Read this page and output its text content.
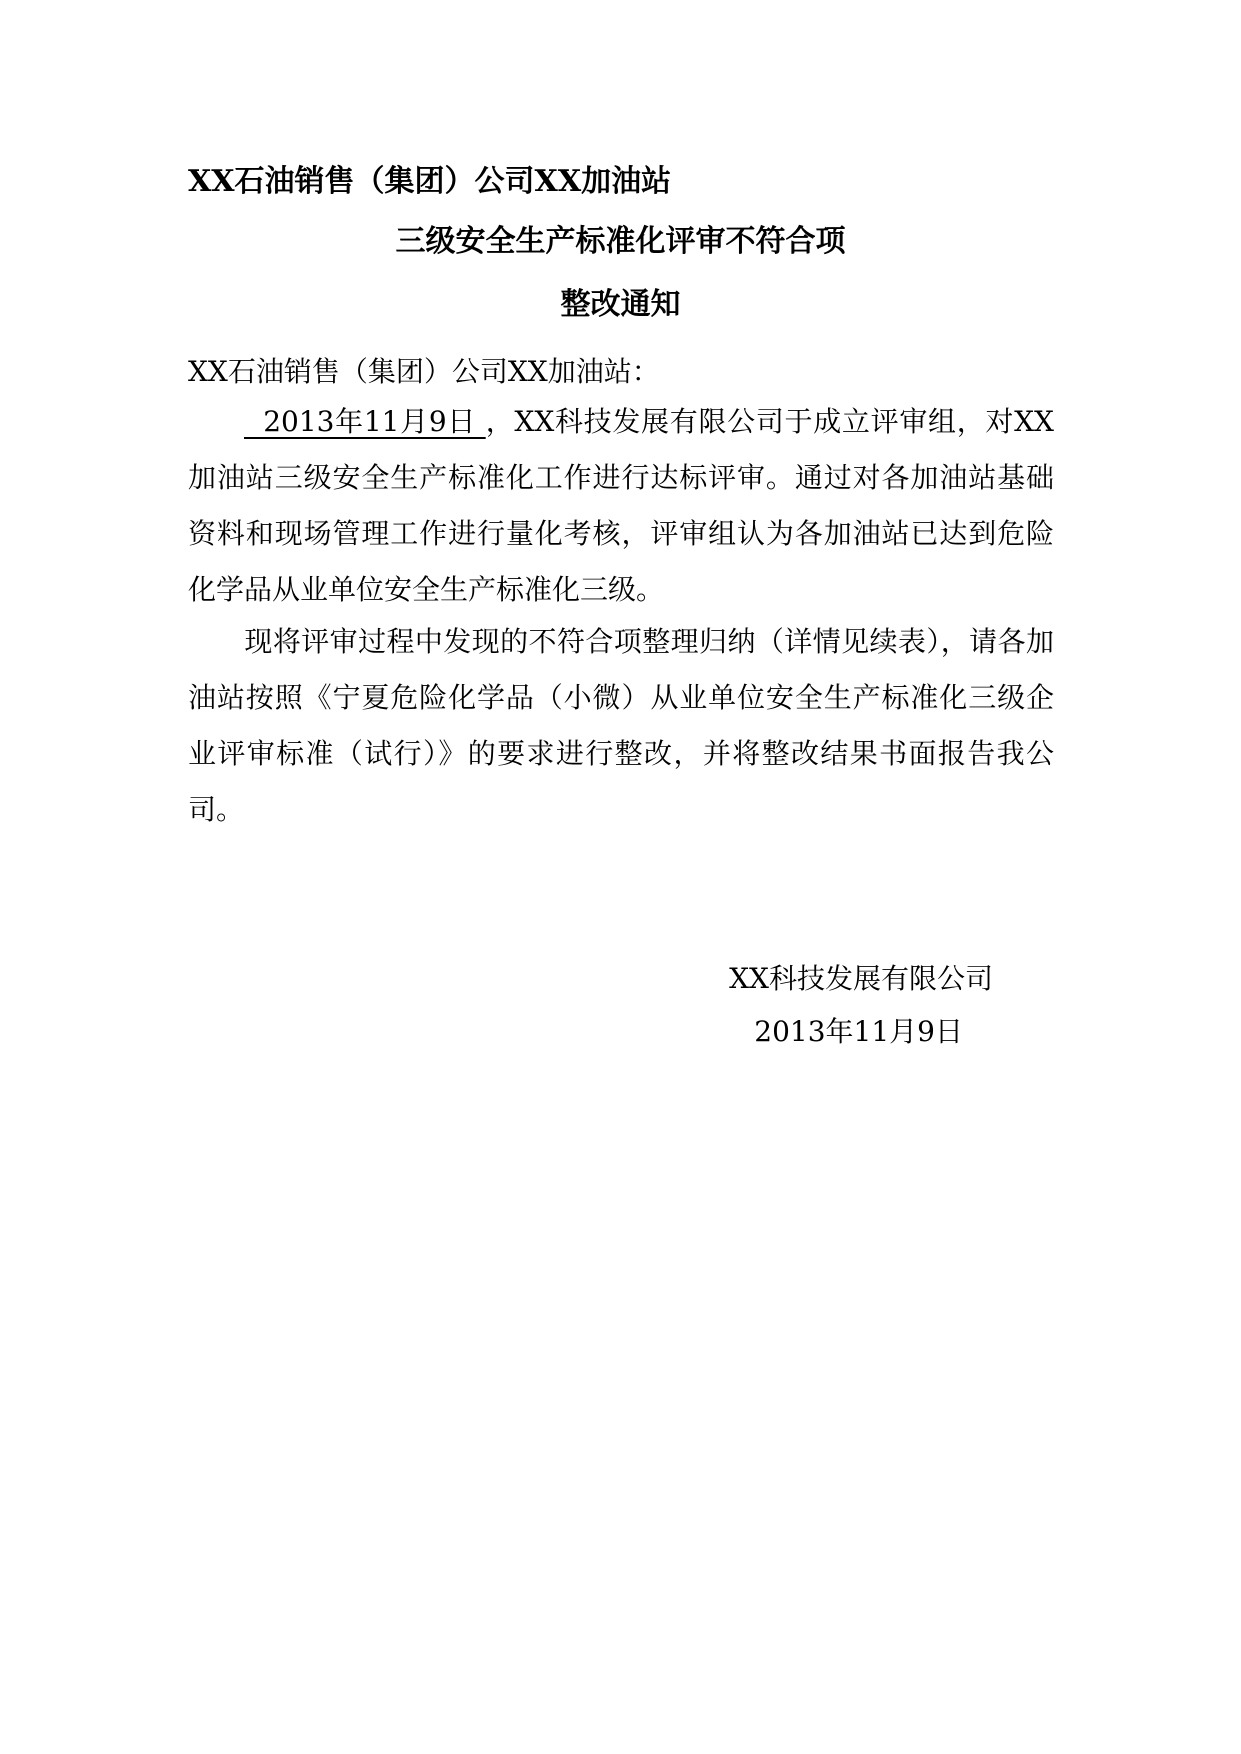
XX石油销售（集团）公司XX加油站
三级安全生产标准化评审不符合项
整改通知
XX石油销售（集团）公司XX加油站：
2013年11月9日 ，XX科技发展有限公司于成立评审组，对XX加油站三级安全生产标准化工作进行达标评审。通过对各加油站基础资料和现场管理工作进行量化考核，评审组认为各加油站已达到危险化学品从业单位安全生产标准化三级。
现将评审过程中发现的不符合项整理归纳（详情见续表），请各加油站按照《宁夏危险化学品（小微）从业单位安全生产标准化三级企业评审标准（试行）》的要求进行整改，并将整改结果书面报告我公司。
XX科技发展有限公司
2013年11月9日
